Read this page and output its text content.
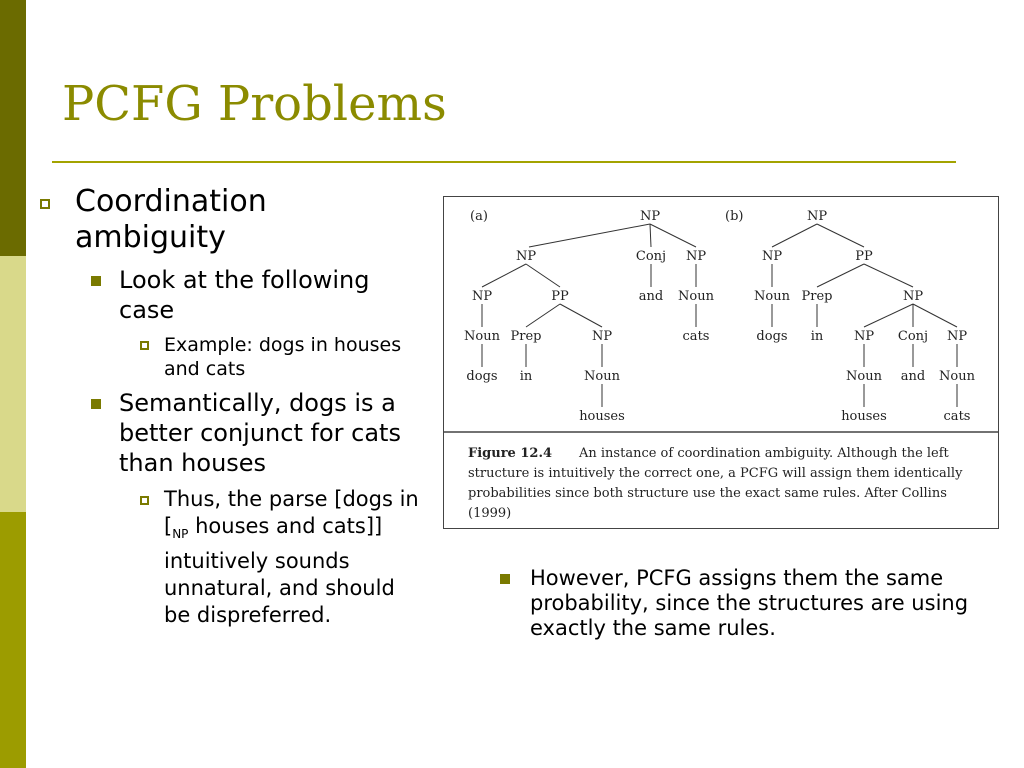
PCFG Problems

Coordination ambiguity

Look at the following case

Example: dogs in houses and cats

Semantically, dogs is a better conjunct for cats than houses

Thus, the parse [dogs in [$_{NP}$ houses and cats]] intuitively sounds unnatural, and should be dispreferred.

However, PCFG assigns them the same probability, since the structures are using exactly the same rules.

(a)	NP
NP	Conj NP
NP	PP	and Noun
Noun Prep	NP	cats
dogs in	Noun
houses
(b)	NP
NP	PP
Noun Prep	NP
dogs in NP Conj NP
Noun and Noun
houses	cats
Figure 12.4 An instance of coordination ambiguity. Although the left
structure is intuitively the correct one, a PCFG will assign them identically
probabilities since both structure use the exact same rules. After Collins
(1999)
